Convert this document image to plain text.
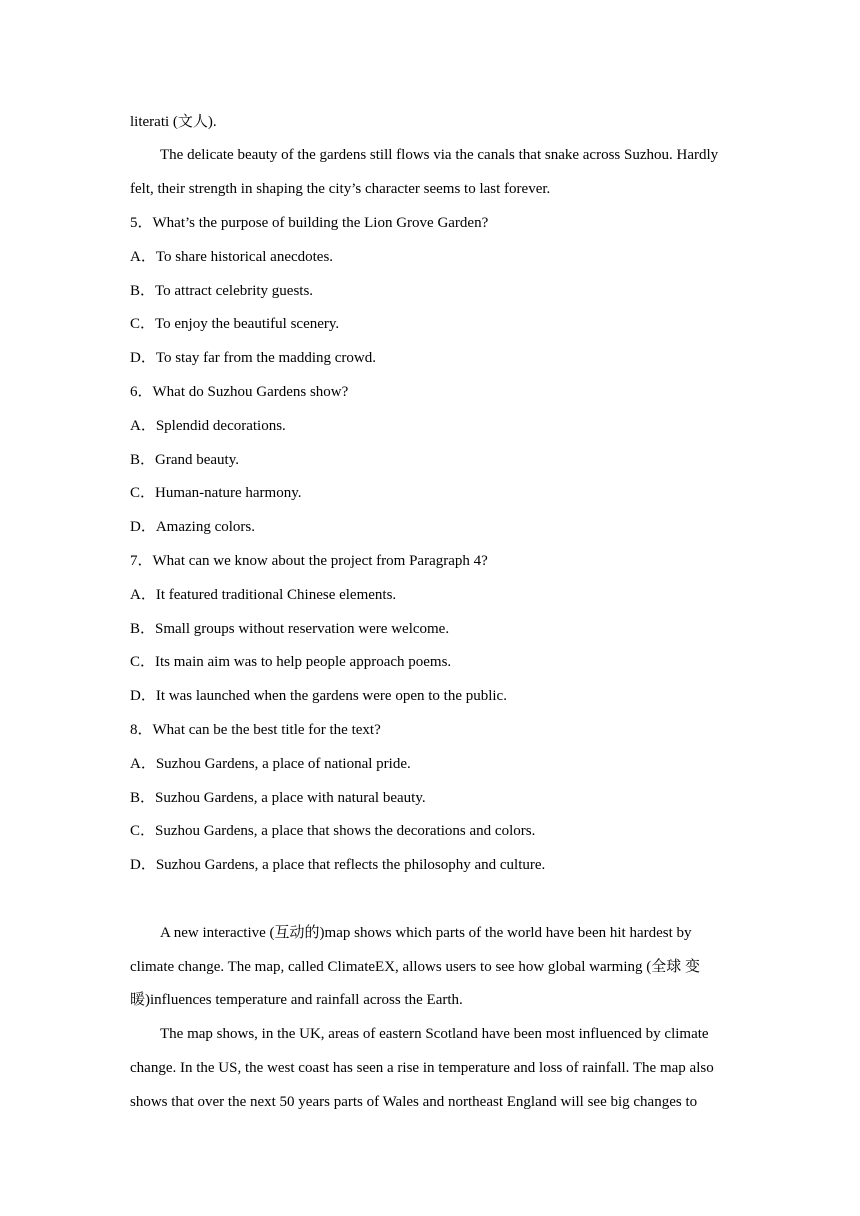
literati (文人).
The delicate beauty of the gardens still flows via the canals that snake across Suzhou. Hardly
felt, their strength in shaping the city’s character seems to last forever.
5．What’s the purpose of building the Lion Grove Garden?
A．To share historical anecdotes.
B．To attract celebrity guests.
C．To enjoy the beautiful scenery.
D．To stay far from the madding crowd.
6．What do Suzhou Gardens show?
A．Splendid decorations.
B．Grand beauty.
C．Human-nature harmony.
D．Amazing colors.
7．What can we know about the project from Paragraph 4?
A．It featured traditional Chinese elements.
B．Small groups without reservation were welcome.
C．Its main aim was to help people approach poems.
D．It was launched when the gardens were open to the public.
8．What can be the best title for the text?
A．Suzhou Gardens, a place of national pride.
B．Suzhou Gardens, a place with natural beauty.
C．Suzhou Gardens, a place that shows the decorations and colors.
D．Suzhou Gardens, a place that reflects the philosophy and culture.
A new interactive (互动的)map shows which parts of the world have been hit hardest by
climate change. The map, called ClimateEX, allows users to see how global warming (全球 变
暖)influences temperature and rainfall across the Earth.
The map shows, in the UK, areas of eastern Scotland have been most influenced by climate
change. In the US, the west coast has seen a rise in temperature and loss of rainfall. The map also
shows that over the next 50 years parts of Wales and northeast England will see big changes to
